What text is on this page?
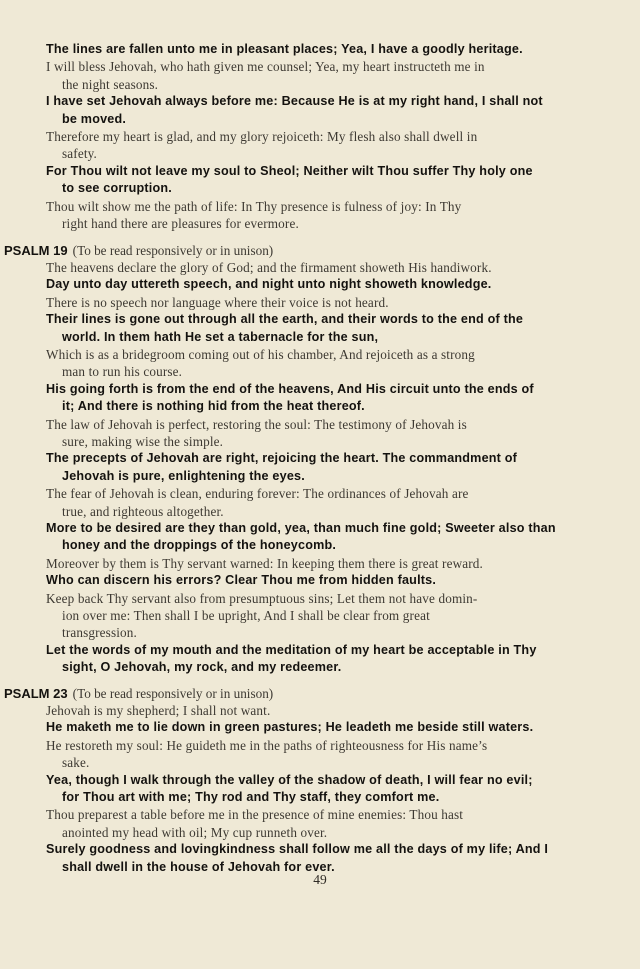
The lines are fallen unto me in pleasant places; Yea, I have a goodly heritage.
I will bless Jehovah, who hath given me counsel; Yea, my heart instructeth me in
the night seasons.
I have set Jehovah always before me: Because He is at my right hand, I shall not
be moved.
Therefore my heart is glad, and my glory rejoiceth: My flesh also shall dwell in
safety.
For Thou wilt not leave my soul to Sheol; Neither wilt Thou suffer Thy holy one
to see corruption.
Thou wilt show me the path of life: In Thy presence is fulness of joy: In Thy
right hand there are pleasures for evermore.
PSALM 19 (To be read responsively or in unison)
The heavens declare the glory of God; and the firmament showeth His handiwork.
Day unto day uttereth speech, and night unto night showeth knowledge.
There is no speech nor language where their voice is not heard.
Their lines is gone out through all the earth, and their words to the end of the
world. In them hath He set a tabernacle for the sun,
Which is as a bridegroom coming out of his chamber, And rejoiceth as a strong
man to run his course.
His going forth is from the end of the heavens, And His circuit unto the ends of
it; And there is nothing hid from the heat thereof.
The law of Jehovah is perfect, restoring the soul: The testimony of Jehovah is
sure, making wise the simple.
The precepts of Jehovah are right, rejoicing the heart. The commandment of
Jehovah is pure, enlightening the eyes.
The fear of Jehovah is clean, enduring forever: The ordinances of Jehovah are
true, and righteous altogether.
More to be desired are they than gold, yea, than much fine gold; Sweeter also than
honey and the droppings of the honeycomb.
Moreover by them is Thy servant warned: In keeping them there is great reward.
Who can discern his errors? Clear Thou me from hidden faults.
Keep back Thy servant also from presumptuous sins; Let them not have domin-
ion over me: Then shall I be upright, And I shall be clear from great
transgression.
Let the words of my mouth and the meditation of my heart be acceptable in Thy
sight, O Jehovah, my rock, and my redeemer.
PSALM 23 (To be read responsively or in unison)
Jehovah is my shepherd; I shall not want.
He maketh me to lie down in green pastures; He leadeth me beside still waters.
He restoreth my soul: He guideth me in the paths of righteousness for His name’s
sake.
Yea, though I walk through the valley of the shadow of death, I will fear no evil;
for Thou art with me; Thy rod and Thy staff, they comfort me.
Thou preparest a table before me in the presence of mine enemies: Thou hast
anointed my head with oil; My cup runneth over.
Surely goodness and lovingkindness shall follow me all the days of my life; And I
shall dwell in the house of Jehovah for ever.
49
